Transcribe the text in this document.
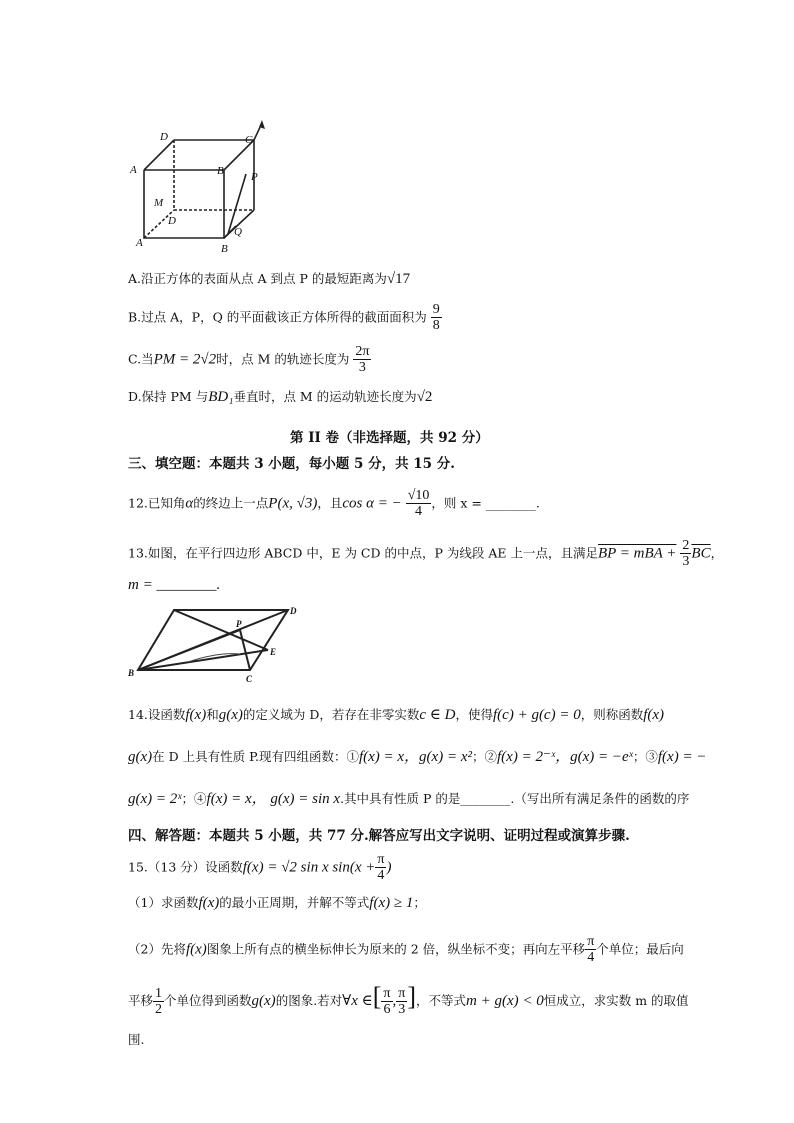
D	C
A	B P
M
D
A
Q
B
A.沿正方体的表面从点 A 到点 P 的最短距离为√17
B.过点 A，P，Q 的平面截该正方体所得的截面面积为 $\frac{9}{8}$
C.当PM = 2√2时，点 M 的轨迹长度为 $\frac{2\pi}{3}$
D.保持 PM 与BD₁垂直时，点 M 的运动轨迹长度为√2
第 II 卷（非选择题，共 92 分）
三、填空题：本题共 3 小题，每小题 5 分，共 15 分.
12.已知角α的终边上一点P(x, √3)，且cos α = − $\frac{√10}{4}$ ，则 x = ________.
13.如图，在平行四边形 ABCD 中，E 为 CD 的中点，P 为线段 AE 上一点，且满足BP = mBA + $\frac{2}{3} \overline{BC}$，
m = ________.
D
P
E
B
C
14.设函数f(x)和g(x)的定义域为 D，若存在非零实数c ∈ D，使得f(c) + g(c) = 0，则称函数f(x)
g(x)在 D 上具有性质 P.现有四组函数：①f(x) = x，g(x) = x²；②f(x) = 2⁻ˣ，g(x) = −eˣ；③f(x) = −
g(x) = 2ˣ；④f(x) = x， g(x) = sin x.其中具有性质 P 的是________.（写出所有满足条件的函数的序
四、解答题：本题共 5 小题，共 77 分.解答应写出文字说明、证明过程或演算步骤.
15.（13 分）设函数f(x) = √2 sin x $\sin(x + \frac{\pi}{4}$ )
（1）求函数f(x)的最小正周期，并解不等式f(x) ≥ 1；
（2）先将f(x)图象上所有点的横坐标伸长为原来的 2 倍，纵坐标不变；再向左平移 $\frac{\pi}{4}$ 个单位；最后向
平移 $\frac{1}{2}$ 个单位得到函数g(x)的图象.若对∀x ∈[ $\frac{\pi}{6}$ , $\frac{\pi}{3}$ ]，不等式m + g(x) < 0恒成立，求实数 m 的取值
围.
